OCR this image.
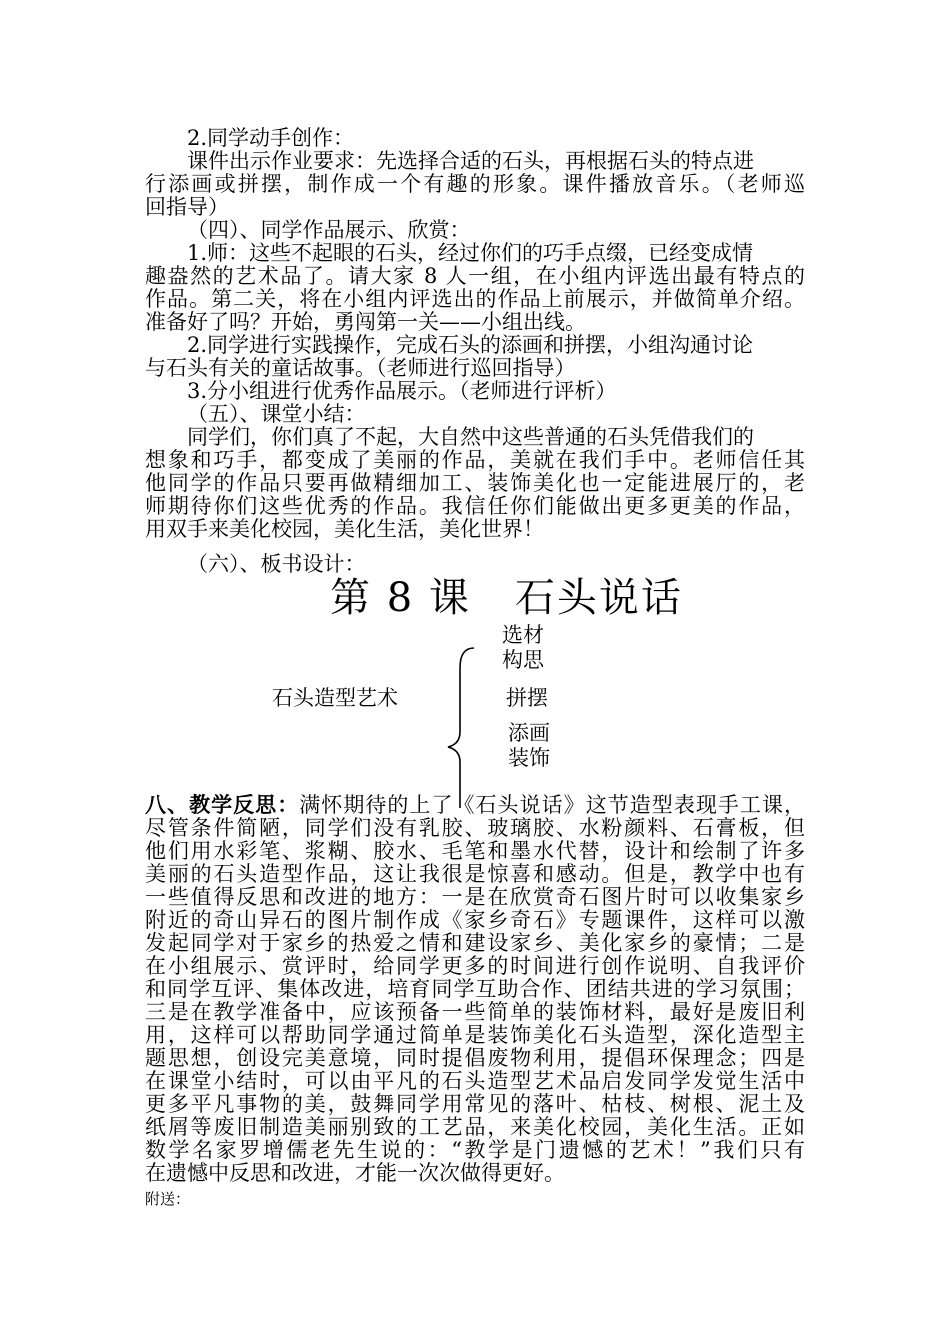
2.同学动手创作：
课件出示作业要求：先选择合适的石头，再根据石头的特点进
行添画或拼摆，制作成一个有趣的形象。课件播放音乐。（老师巡
回指导）
（四）、同学作品展示、欣赏：
1.师：这些不起眼的石头，经过你们的巧手点缀，已经变成情
趣盎然的艺术品了。请大家 8 人一组，在小组内评选出最有特点的
作品。第二关，将在小组内评选出的作品上前展示，并做简单介绍。
准备好了吗？开始，勇闯第一关——小组出线。
2.同学进行实践操作，完成石头的添画和拼摆，小组沟通讨论
与石头有关的童话故事。（老师进行巡回指导）
3.分小组进行优秀作品展示。（老师进行评析）
（五）、课堂小结：
同学们，你们真了不起，大自然中这些普通的石头凭借我们的
想象和巧手，都变成了美丽的作品，美就在我们手中。老师信任其
他同学的作品只要再做精细加工、装饰美化也一定能进展厅的，老
师期待你们这些优秀的作品。我信任你们能做出更多更美的作品，
用双手来美化校园，美化生活，美化世界！
（六）、板书设计：
第 8 课 石头说话
石头造型艺术
选材
构思
拼摆
添画
装饰
八、教学反思：满怀期待的上了《石头说话》这节造型表现手工课，
尽管条件简陋，同学们没有乳胶、玻璃胶、水粉颜料、石膏板，但
他们用水彩笔、浆糊、胶水、毛笔和墨水代替，设计和绘制了许多
美丽的石头造型作品，这让我很是惊喜和感动。但是，教学中也有
一些值得反思和改进的地方：一是在欣赏奇石图片时可以收集家乡
附近的奇山异石的图片制作成《家乡奇石》专题课件，这样可以激
发起同学对于家乡的热爱之情和建设家乡、美化家乡的豪情；二是
在小组展示、赏评时，给同学更多的时间进行创作说明、自我评价
和同学互评、集体改进，培育同学互助合作、团结共进的学习氛围；
三是在教学准备中，应该预备一些简单的装饰材料，最好是废旧利
用，这样可以帮助同学通过简单是装饰美化石头造型，深化造型主
题思想，创设完美意境，同时提倡废物利用，提倡环保理念；四是
在课堂小结时，可以由平凡的石头造型艺术品启发同学发觉生活中
更多平凡事物的美，鼓舞同学用常见的落叶、枯枝、树根、泥土及
纸屑等废旧制造美丽别致的工艺品，来美化校园，美化生活。正如
数学名家罗增儒老先生说的：“教学是门遗憾的艺术！”我们只有
在遗憾中反思和改进，才能一次次做得更好。
附送：
